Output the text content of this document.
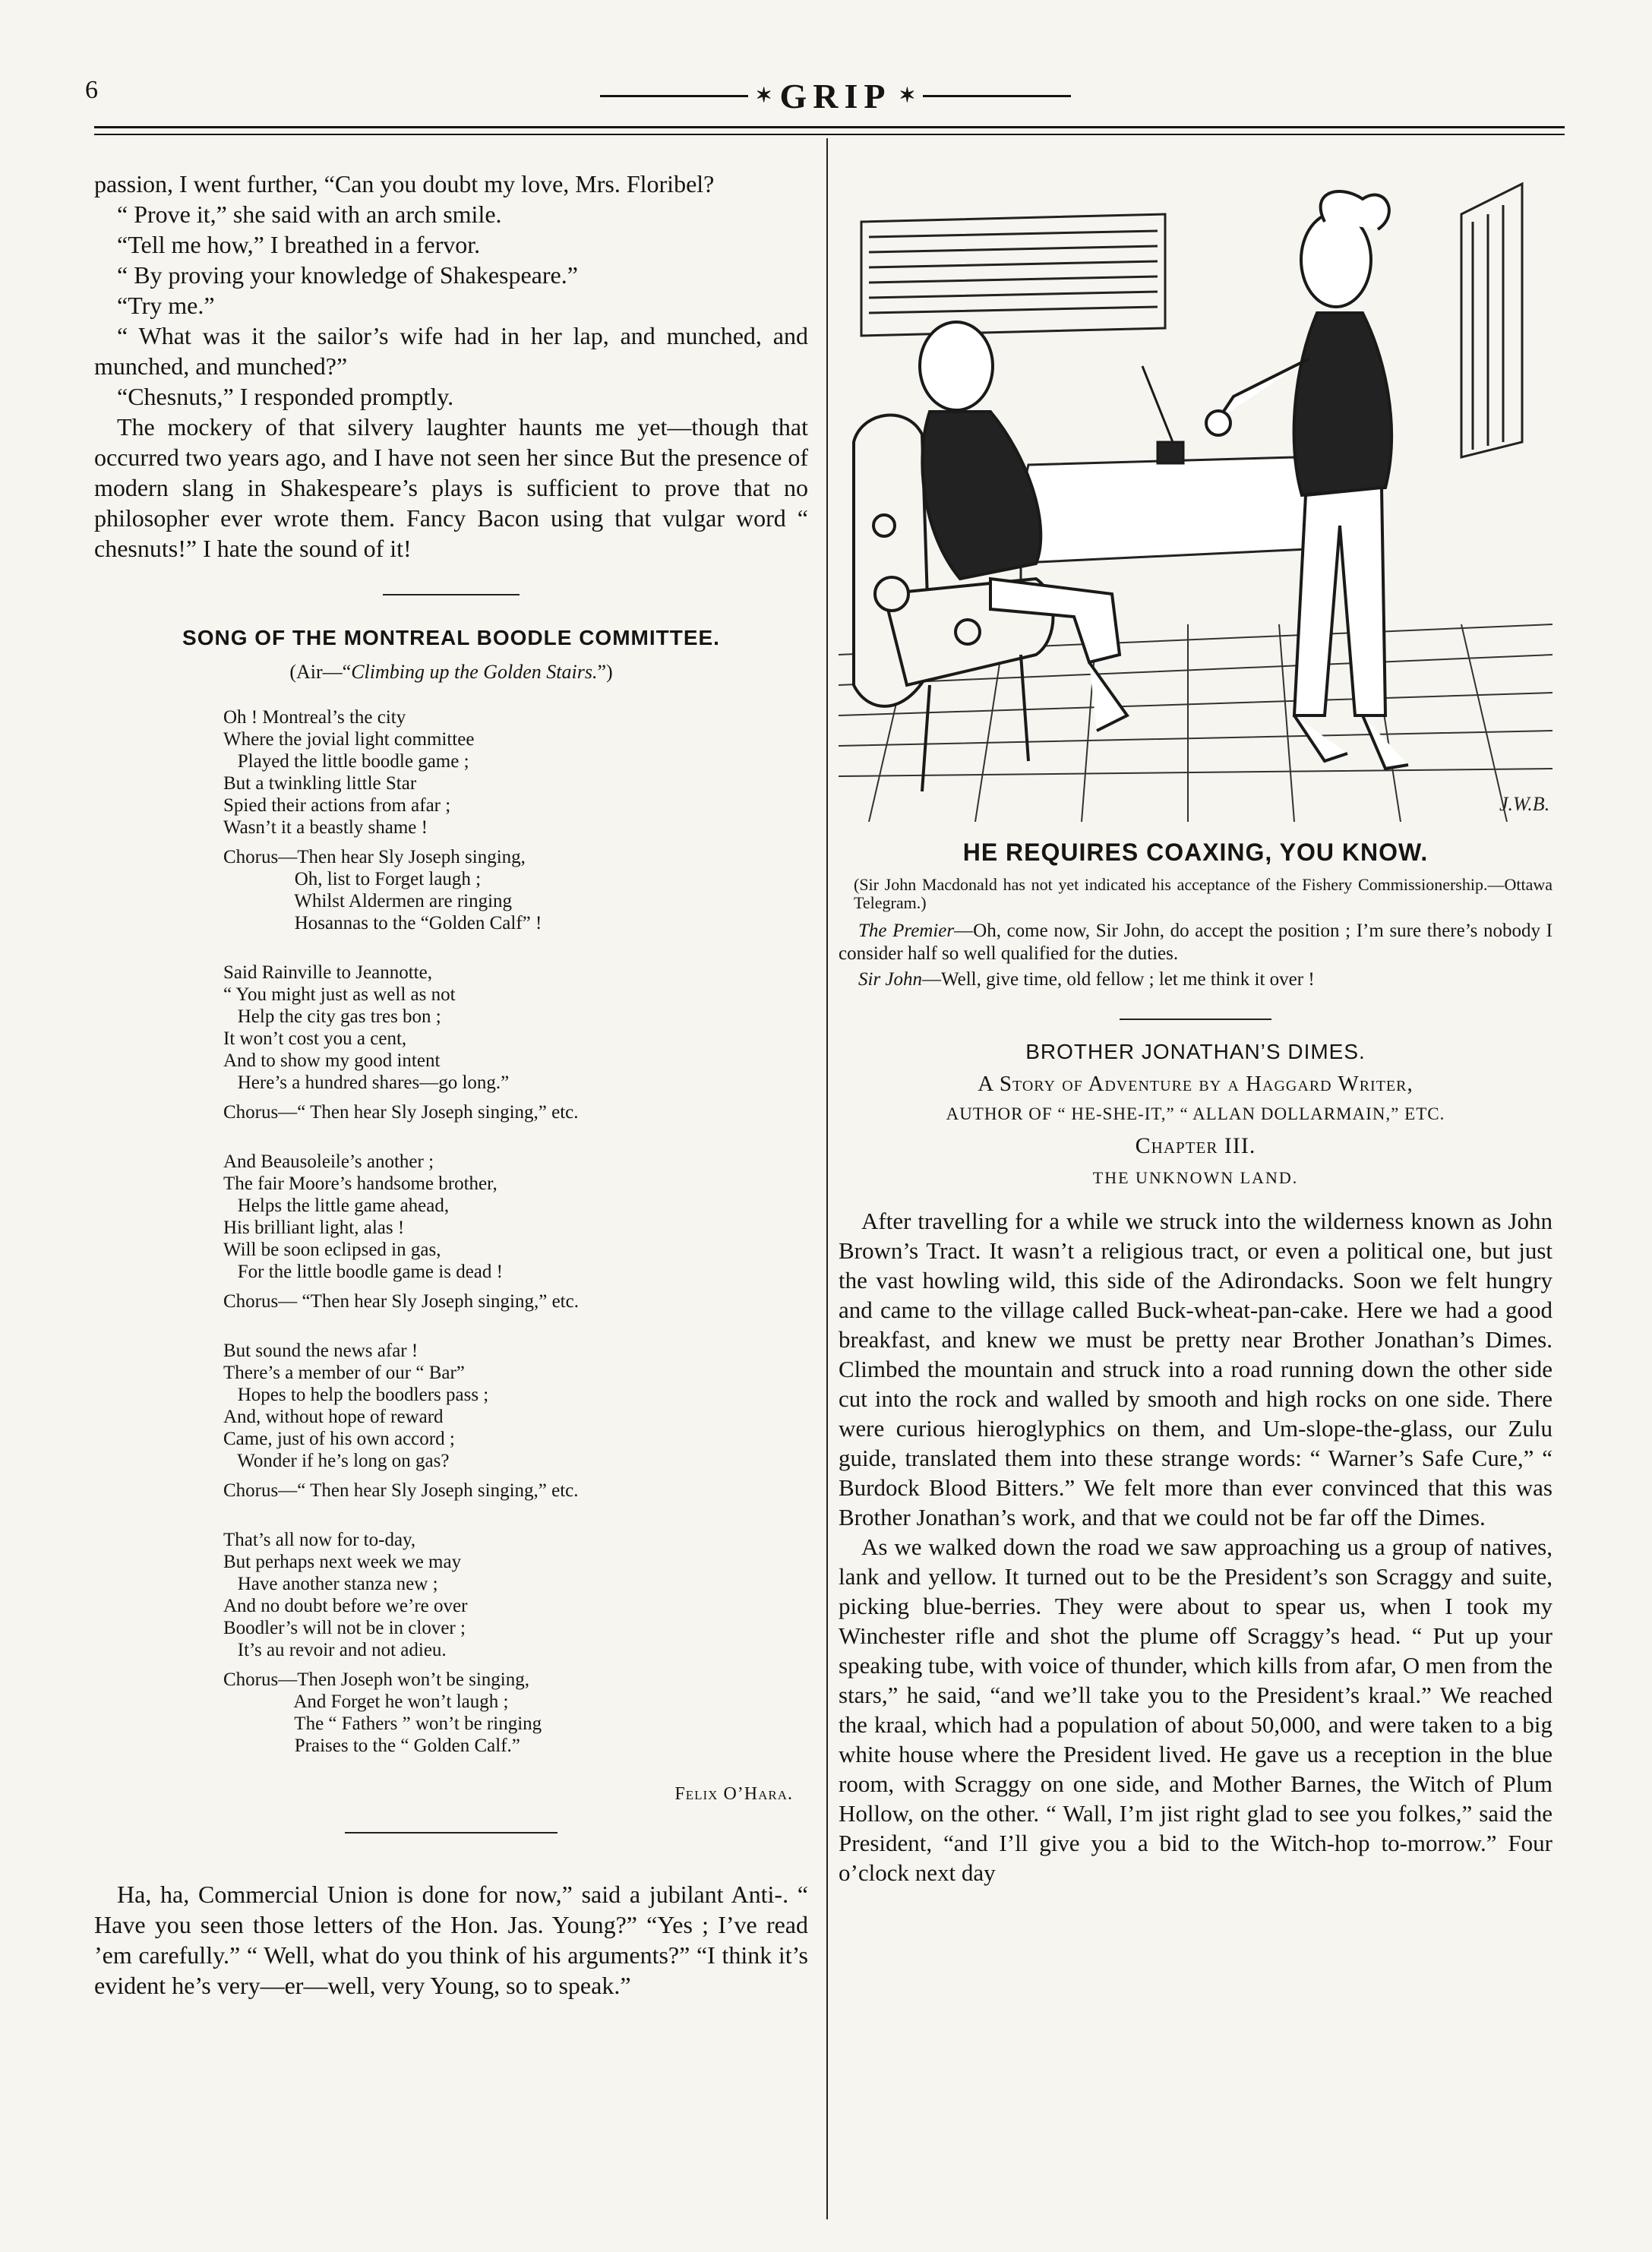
6	✶ GRIP ✶

passion, I went further, “Can you doubt my love, Mrs. Floribel?

“ Prove it,” she said with an arch smile.

“Tell me how,” I breathed in a fervor.

“ By proving your knowledge of Shakespeare.”

“Try me.”

“ What was it the sailor’s wife had in her lap, and munched, and munched, and munched?”

“Chesnuts,” I responded promptly.

The mockery of that silvery laughter haunts me yet—though that occurred two years ago, and I have not seen her since But the presence of modern slang in Shakespeare’s plays is sufficient to prove that no philosopher ever wrote them. Fancy Bacon using that vulgar word “ chesnuts!” I hate the sound of it!

SONG OF THE MONTREAL BOODLE COMMITTEE.
(Air—“Climbing up the Golden Stairs.”)
Oh ! Montreal’s the city
Where the jovial light committee
Played the little boodle game ;
But a twinkling little Star
Spied their actions from afar ;
Wasn’t it a beastly shame !
Chorus—Then hear Sly Joseph singing,
Oh, list to Forget laugh ;
Whilst Aldermen are ringing
Hosannas to the “Golden Calf” !
Said Rainville to Jeannotte,
“ You might just as well as not
Help the city gas tres bon ;
It won’t cost you a cent,
And to show my good intent
Here’s a hundred shares—go long.”
Chorus—“ Then hear Sly Joseph singing,” etc.
And Beausoleile’s another ;
The fair Moore’s handsome brother,
Helps the little game ahead,
His brilliant light, alas !
Will be soon eclipsed in gas,
For the little boodle game is dead !
Chorus— “Then hear Sly Joseph singing,” etc.
But sound the news afar !
There’s a member of our “ Bar”
Hopes to help the boodlers pass ;
And, without hope of reward
Came, just of his own accord ;
Wonder if he’s long on gas?
Chorus—“ Then hear Sly Joseph singing,” etc.
That’s all now for to-day,
But perhaps next week we may
Have another stanza new ;
And no doubt before we’re over
Boodler’s will not be in clover ;
It’s au revoir and not adieu.
Chorus—Then Joseph won’t be singing,
And Forget he won’t laugh ;
The “ Fathers ” won’t be ringing
Praises to the “ Golden Calf.”
Felix O’Hara.

Ha, ha, Commercial Union is done for now,” said a jubilant Anti-. “ Have you seen those letters of the Hon. Jas. Young?” “Yes ; I’ve read ’em carefully.” “ Well, what do you think of his arguments?” “I think it’s evident he’s very—er—well, very Young, so to speak.”

J.W.B.
HE REQUIRES COAXING, YOU KNOW.

(Sir John Macdonald has not yet indicated his acceptance of the Fishery Commissionership.—Ottawa Telegram.)

The Premier—Oh, come now, Sir John, do accept the position ; I’m sure there’s nobody I consider half so well qualified for the duties.

Sir John—Well, give time, old fellow ; let me think it over !

BROTHER JONATHAN’S DIMES.
A Story of Adventure by a Haggard Writer,
AUTHOR OF “ HE-SHE-IT,” “ ALLAN DOLLARMAIN,” ETC.
Chapter III.
THE UNKNOWN LAND.

After travelling for a while we struck into the wilderness known as John Brown’s Tract. It wasn’t a religious tract, or even a political one, but just the vast howling wild, this side of the Adirondacks. Soon we felt hungry and came to the village called Buck-wheat-pan-cake. Here we had a good breakfast, and knew we must be pretty near Brother Jonathan’s Dimes. Climbed the mountain and struck into a road running down the other side cut into the rock and walled by smooth and high rocks on one side. There were curious hieroglyphics on them, and Um-slope-the-glass, our Zulu guide, translated them into these strange words: “ Warner’s Safe Cure,” “ Burdock Blood Bitters.” We felt more than ever convinced that this was Brother Jonathan’s work, and that we could not be far off the Dimes.

As we walked down the road we saw approaching us a group of natives, lank and yellow. It turned out to be the President’s son Scraggy and suite, picking blue-berries. They were about to spear us, when I took my Winchester rifle and shot the plume off Scraggy’s head. “ Put up your speaking tube, with voice of thunder, which kills from afar, O men from the stars,” he said, “and we’ll take you to the President’s kraal.” We reached the kraal, which had a population of about 50,000, and were taken to a big white house where the President lived. He gave us a reception in the blue room, with Scraggy on one side, and Mother Barnes, the Witch of Plum Hollow, on the other. “ Wall, I’m jist right glad to see you folkes,” said the President, “and I’ll give you a bid to the Witch-hop to-morrow.” Four o’clock next day
